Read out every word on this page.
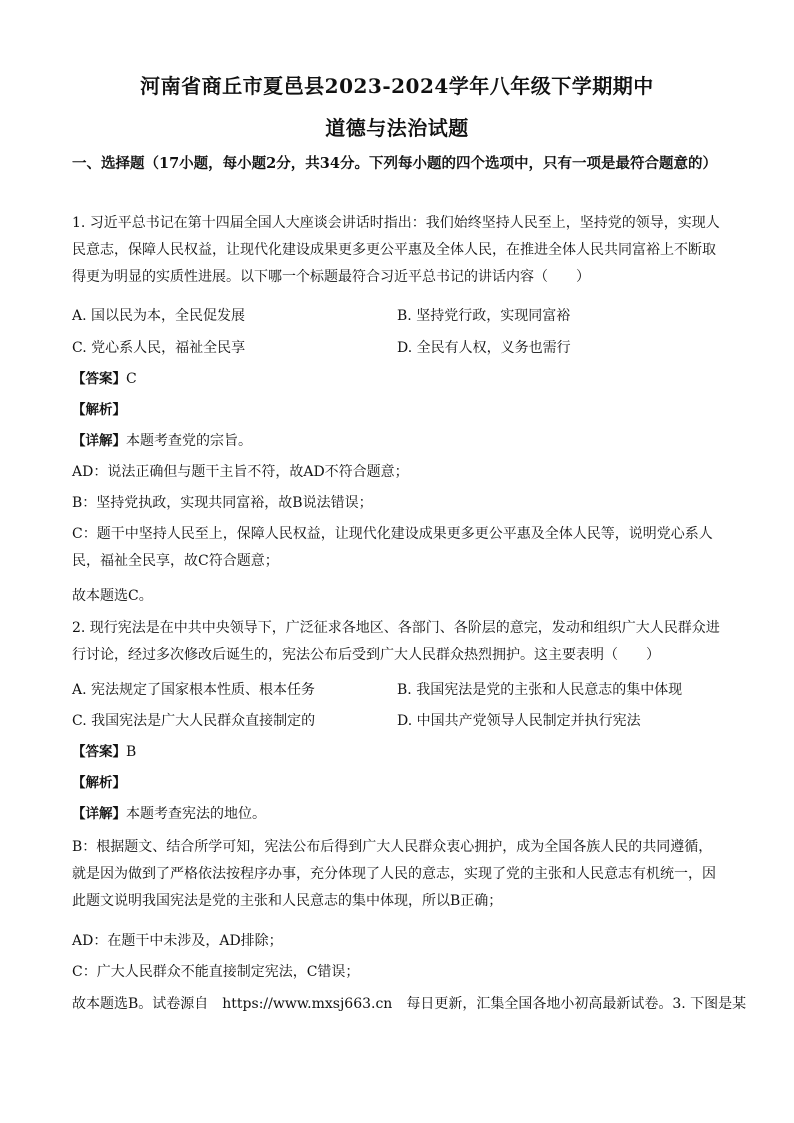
河南省商丘市夏邑县2023-2024学年八年级下学期期中
道德与法治试题
一、选择题（17小题，每小题2分，共34分。下列每小题的四个选项中，只有一项是最符合题意的）
1. 习近平总书记在第十四届全国人大座谈会讲话时指出：我们始终坚持人民至上，坚持党的领导，实现人民意志，保障人民权益，让现代化建设成果更多更公平惠及全体人民，在推进全体人民共同富裕上不断取得更为明显的实质性进展。以下哪一个标题最符合习近平总书记的讲话内容（　　）
A. 国以民为本，全民促发展	B. 坚持党行政，实现同富裕
C. 党心系人民，福祉全民享	D. 全民有人权，义务也需行
【答案】C
【解析】
【详解】本题考查党的宗旨。
AD：说法正确但与题干主旨不符，故AD不符合题意；
B：坚持党执政，实现共同富裕，故B说法错误；
C：题干中坚持人民至上，保障人民权益，让现代化建设成果更多更公平惠及全体人民等，说明党心系人民，福祉全民享，故C符合题意；
故本题选C。
2. 现行宪法是在中共中央领导下，广泛征求各地区、各部门、各阶层的意完，发动和组织广大人民群众进行讨论，经过多次修改后诞生的，宪法公布后受到广大人民群众热烈拥护。这主要表明（　　）
A. 宪法规定了国家根本性质、根本任务	B. 我国宪法是党的主张和人民意志的集中体现
C. 我国宪法是广大人民群众直接制定的	D. 中国共产党领导人民制定并执行宪法
【答案】B
【解析】
【详解】本题考查宪法的地位。
B：根据题文、结合所学可知，宪法公布后得到广大人民群众衷心拥护，成为全国各族人民的共同遵循，就是因为做到了严格依法按程序办事，充分体现了人民的意志，实现了党的主张和人民意志有机统一，因此题文说明我国宪法是党的主张和人民意志的集中体现，所以B正确；
AD：在题干中未涉及，AD排除；
C：广大人民群众不能直接制定宪法，C错误；
故本题选B。试卷源自　https://www.mxsj663.cn　每日更新，汇集全国各地小初高最新试卷。3. 下图是某
